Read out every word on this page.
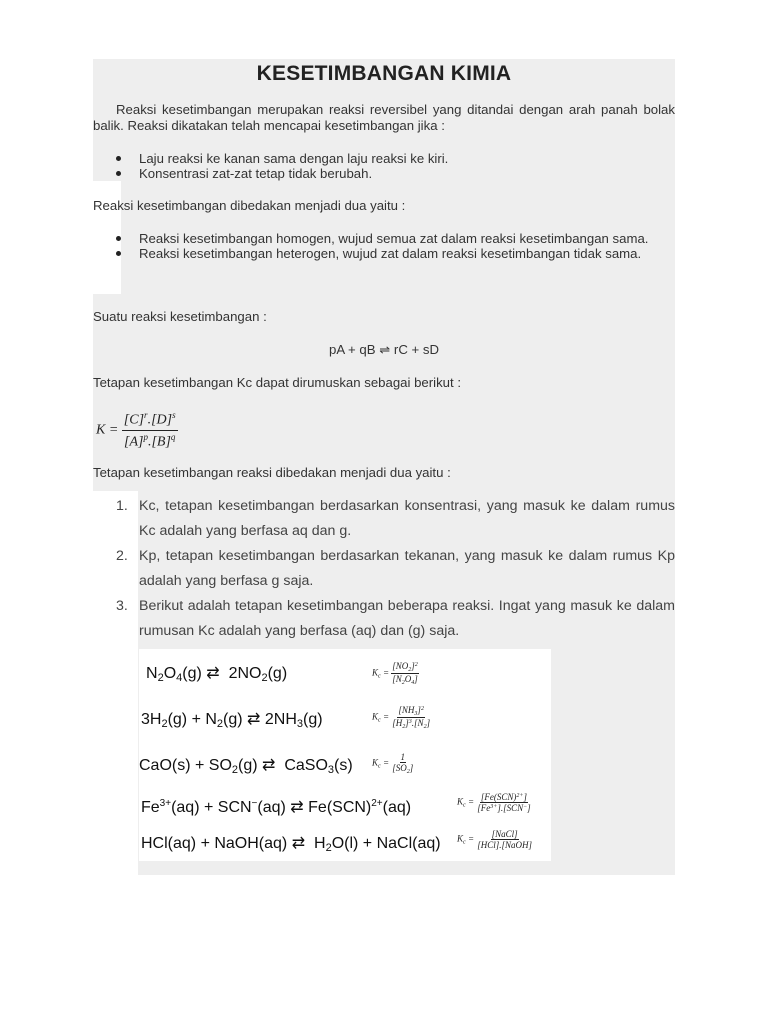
KESETIMBANGAN KIMIA
Reaksi kesetimbangan merupakan reaksi reversibel yang ditandai dengan arah panah bolak balik. Reaksi dikatakan telah mencapai kesetimbangan jika :
Laju reaksi ke kanan sama dengan laju reaksi ke kiri.
Konsentrasi zat-zat tetap tidak berubah.
Reaksi kesetimbangan dibedakan menjadi dua yaitu :
Reaksi kesetimbangan homogen, wujud semua zat dalam reaksi kesetimbangan sama.
Reaksi kesetimbangan heterogen, wujud zat dalam reaksi kesetimbangan tidak sama.
Suatu reaksi kesetimbangan :
pA + qB ⇌ rC + sD
Tetapan kesetimbangan Kc dapat dirumuskan sebagai berikut :
$K = \frac{[C]^r.[D]^s}{[A]^p.[B]^q}$
Tetapan kesetimbangan reaksi dibedakan menjadi dua yaitu :
1. Kc, tetapan kesetimbangan berdasarkan konsentrasi, yang masuk ke dalam rumus Kc adalah yang berfasa aq dan g.
2. Kp, tetapan kesetimbangan berdasarkan tekanan, yang masuk ke dalam rumus Kp adalah yang berfasa g saja.
3. Berikut adalah tetapan kesetimbangan beberapa reaksi. Ingat yang masuk ke dalam rumusan Kc adalah yang berfasa (aq) dan (g) saja.
$N_2O_4(g)$ ⇄  $2NO_2(g)$	$K_c = \frac{[NO_2]^2}{[N_2O_4]}$
$3H_2(g) + N_2(g)$ ⇄ $2NH_3(g)$	$K_c = \frac{[NH_3]^2}{[H_2]^3.[N_2]}$
$CaO(s) + SO_2(g)$ ⇄  CaSO$_3$(s) $K_c = \frac{1}{[SO_2]}$
$Fe^{3+}(aq) + SCN^-(aq)$ ⇄ Fe(SCN)$^{2+}$(aq)	$K_c = \frac{[Fe(SCN)^{2+}]}{[Fe^{3+}].[SCN^-]}$
HCl(aq) + NaOH(aq) ⇄  $H_2O(l)$ + NaCl(aq) $K_c = \frac{\text{[NaCl]}}{\text{[HCl].[NaOH]}}$
